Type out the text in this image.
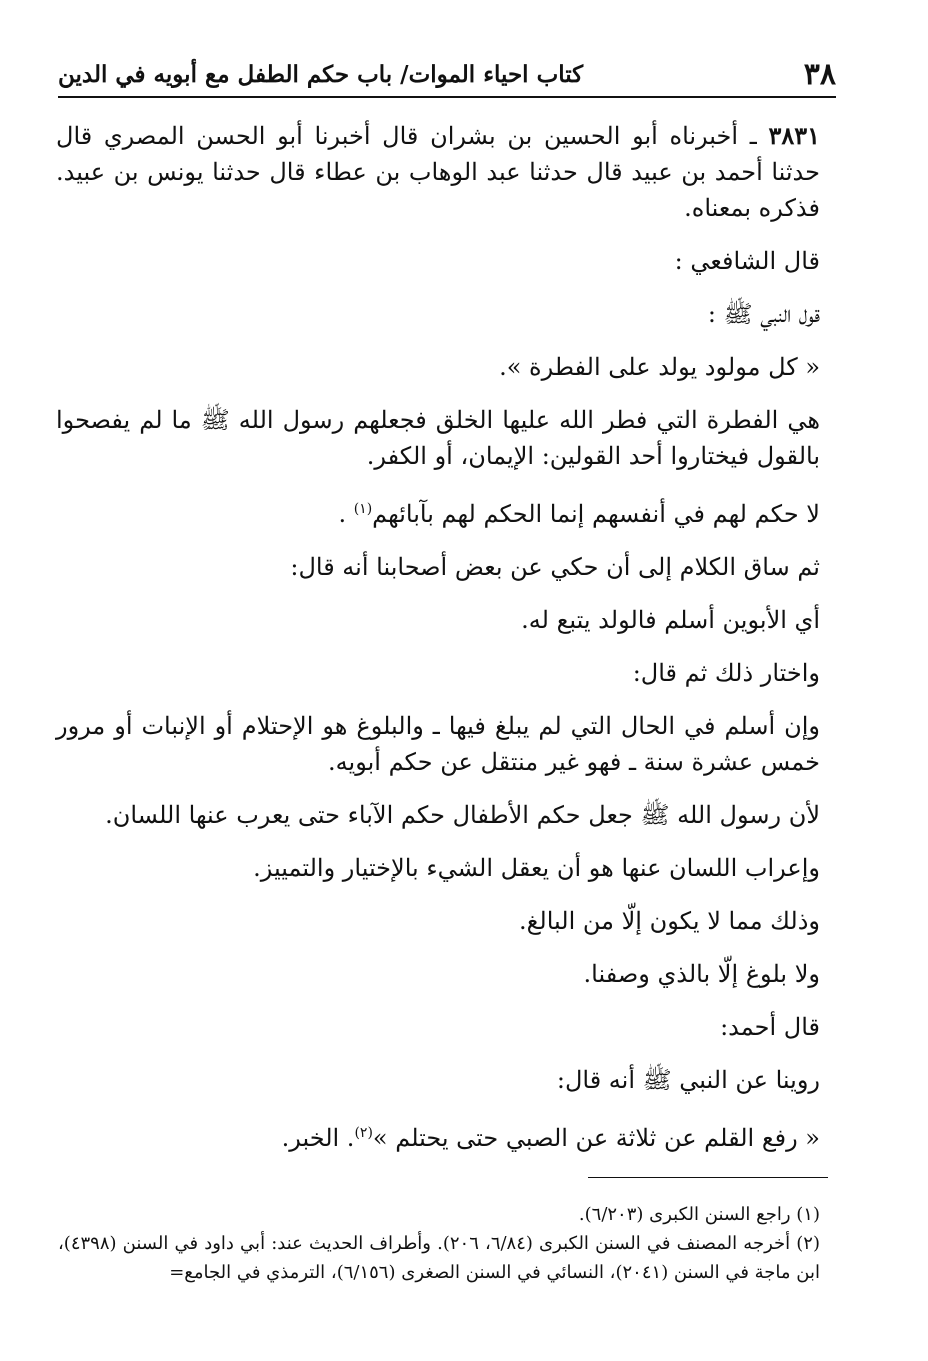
٣٨
كتاب احياء الموات/ باب حكم الطفل مع أبويه في الدين

٣٨٣١ ـ أخبرناه أبو الحسين بن بشران قال أخبرنا أبو الحسن المصري قال حدثنا أحمد بن عبيد قال حدثنا عبد الوهاب بن عطاء قال حدثنا يونس بن عبيد. فذكره بمعناه.

قال الشافعي :

قول النبي ﷺ :

« كل مولود يولد على الفطرة ».

هي الفطرة التي فطر الله عليها الخلق فجعلهم رسول الله ﷺ ما لم يفصحوا بالقول فيختاروا أحد القولين: الإيمان، أو الكفر.

لا حكم لهم في أنفسهم إنما الحكم لهم بآبائهم$^{(١)}$ .

ثم ساق الكلام إلى أن حكي عن بعض أصحابنا أنه قال:

أي الأبوين أسلم فالولد يتبع له.

واختار ذلك ثم قال:

وإن أسلم في الحال التي لم يبلغ فيها ـ والبلوغ هو الإحتلام أو الإنبات أو مرور خمس عشرة سنة ـ فهو غير منتقل عن حكم أبويه.

لأن رسول الله ﷺ جعل حكم الأطفال حكم الآباء حتى يعرب عنها اللسان.

وإعراب اللسان عنها هو أن يعقل الشيء بالإختيار والتمييز.

وذلك مما لا يكون إلّا من البالغ.

ولا بلوغ إلّا بالذي وصفنا.

قال أحمد:

روينا عن النبي ﷺ أنه قال:

« رفع القلم عن ثلاثة عن الصبي حتى يحتلم »$^{(٢)}$. الخبر.

(١) راجع السنن الكبرى (٦/٢٠٣).

(٢) أخرجه المصنف في السنن الكبرى (٦/٨٤، ٢٠٦). وأطراف الحديث عند: أبي داود في السنن (٤٣٩٨)، ابن ماجة في السنن (٢٠٤١)، النسائي في السنن الصغرى (٦/١٥٦)، الترمذي في الجامع=
